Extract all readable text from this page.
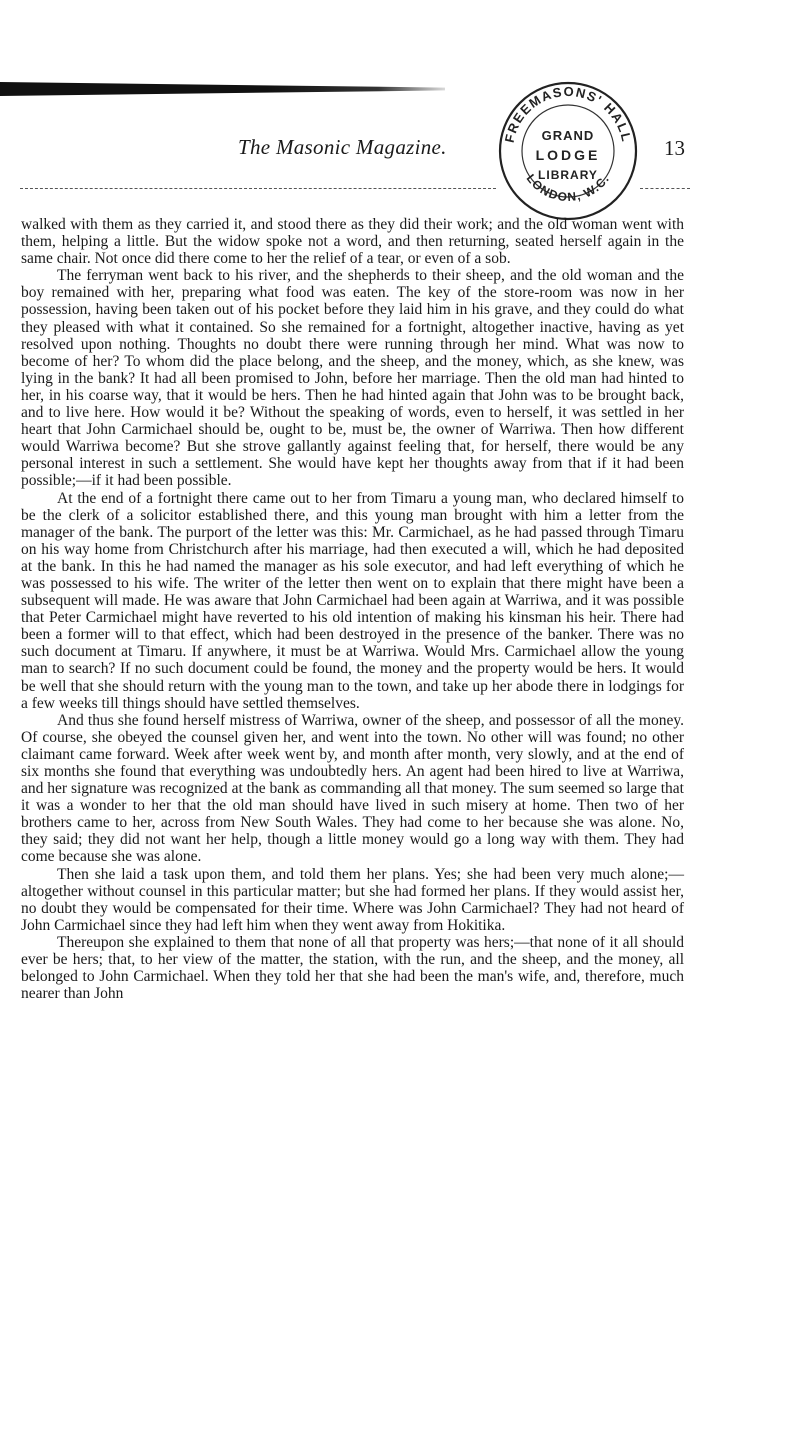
The Masonic Magazine.	FREEMASONS' HALL
LONDON, W.C.
GRAND
LODGE
LIBRARY
13

walked with them as they carried it, and stood there as they did their work; and the old woman went with them, helping a little. But the widow spoke not a word, and then returning, seated herself again in the same chair. Not once did there come to her the relief of a tear, or even of a sob.

The ferryman went back to his river, and the shepherds to their sheep, and the old woman and the boy remained with her, preparing what food was eaten. The key of the store-room was now in her possession, having been taken out of his pocket before they laid him in his grave, and they could do what they pleased with what it contained. So she remained for a fortnight, altogether inactive, having as yet resolved upon nothing. Thoughts no doubt there were running through her mind. What was now to become of her? To whom did the place belong, and the sheep, and the money, which, as she knew, was lying in the bank? It had all been promised to John, before her marriage. Then the old man had hinted to her, in his coarse way, that it would be hers. Then he had hinted again that John was to be brought back, and to live here. How would it be? Without the speaking of words, even to herself, it was settled in her heart that John Carmichael should be, ought to be, must be, the owner of Warriwa. Then how different would Warriwa become? But she strove gallantly against feeling that, for herself, there would be any personal interest in such a settlement. She would have kept her thoughts away from that if it had been possible;—if it had been possible.

At the end of a fortnight there came out to her from Timaru a young man, who declared himself to be the clerk of a solicitor established there, and this young man brought with him a letter from the manager of the bank. The purport of the letter was this: Mr. Carmichael, as he had passed through Timaru on his way home from Christchurch after his marriage, had then executed a will, which he had deposited at the bank. In this he had named the manager as his sole executor, and had left everything of which he was possessed to his wife. The writer of the letter then went on to explain that there might have been a subsequent will made. He was aware that John Carmichael had been again at Warriwa, and it was possible that Peter Carmichael might have reverted to his old intention of making his kinsman his heir. There had been a former will to that effect, which had been destroyed in the presence of the banker. There was no such document at Timaru. If anywhere, it must be at Warriwa. Would Mrs. Carmichael allow the young man to search? If no such document could be found, the money and the property would be hers. It would be well that she should return with the young man to the town, and take up her abode there in lodgings for a few weeks till things should have settled themselves.

And thus she found herself mistress of Warriwa, owner of the sheep, and possessor of all the money. Of course, she obeyed the counsel given her, and went into the town. No other will was found; no other claimant came forward. Week after week went by, and month after month, very slowly, and at the end of six months she found that everything was undoubtedly hers. An agent had been hired to live at Warriwa, and her signature was recognized at the bank as commanding all that money. The sum seemed so large that it was a wonder to her that the old man should have lived in such misery at home. Then two of her brothers came to her, across from New South Wales. They had come to her because she was alone. No, they said; they did not want her help, though a little money would go a long way with them. They had come because she was alone.

Then she laid a task upon them, and told them her plans. Yes; she had been very much alone;—altogether without counsel in this particular matter; but she had formed her plans. If they would assist her, no doubt they would be compensated for their time. Where was John Carmichael? They had not heard of John Carmichael since they had left him when they went away from Hokitika.

Thereupon she explained to them that none of all that property was hers;—that none of it all should ever be hers; that, to her view of the matter, the station, with the run, and the sheep, and the money, all belonged to John Carmichael. When they told her that she had been the man's wife, and, therefore, much nearer than John
